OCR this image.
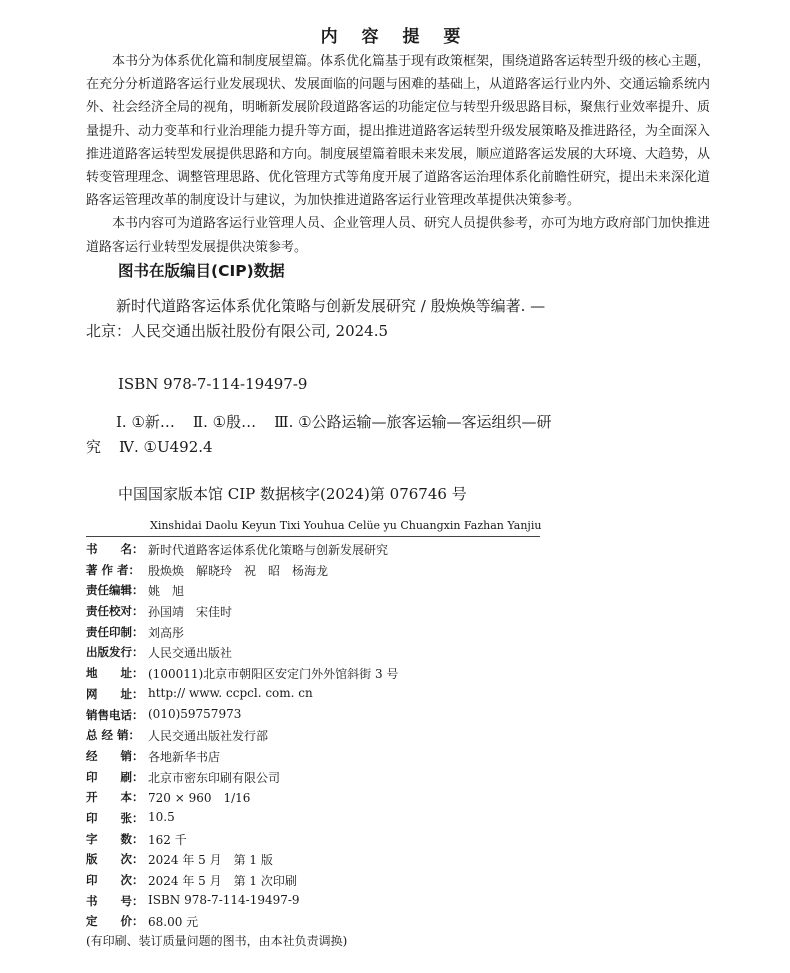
内 容 提 要

本书分为体系优化篇和制度展望篇。体系优化篇基于现有政策框架，围绕道路客运转型升级的核心主题，在充分分析道路客运行业发展现状、发展面临的问题与困难的基础上，从道路客运行业内外、交通运输系统内外、社会经济全局的视角，明晰新发展阶段道路客运的功能定位与转型升级思路目标，聚焦行业效率提升、质量提升、动力变革和行业治理能力提升等方面，提出推进道路客运转型升级发展策略及推进路径，为全面深入推进道路客运转型发展提供思路和方向。制度展望篇着眼未来发展，顺应道路客运发展的大环境、大趋势，从转变管理理念、调整管理思路、优化管理方式等角度开展了道路客运治理体系化前瞻性研究，提出未来深化道路客运管理改革的制度设计与建议，为加快推进道路客运行业管理改革提供决策参考。

本书内容可为道路客运行业管理人员、企业管理人员、研究人员提供参考，亦可为地方政府部门加快推进道路客运行业转型发展提供决策参考。

图书在版编目(CIP)数据
新时代道路客运体系优化策略与创新发展研究 / 殷焕焕等编著. — 北京：人民交通出版社股份有限公司, 2024.5
ISBN 978-7-114-19497-9
Ⅰ. ①新… Ⅱ. ①殷… Ⅲ. ①公路运输—旅客运输—客运组织—研究 Ⅳ. ①U492.4
中国国家版本馆 CIP 数据核字(2024)第 076746 号
Xinshidai Daolu Keyun Tixi Youhua Celüe yu Chuangxin Fazhan Yanjiu
书　　名： 新时代道路客运体系优化策略与创新发展研究
著 作 者： 殷焕焕　解晓玲　祝　昭　杨海龙
责任编辑： 姚　旭
责任校对： 孙国靖　宋佳时
责任印制： 刘高彤
出版发行： 人民交通出版社
地　　址： (100011)北京市朝阳区安定门外外馆斜街 3 号
网　　址： http:// www. ccpcl. com. cn
销售电话： (010)59757973
总 经 销： 人民交通出版社发行部
经　　销： 各地新华书店
印　　刷： 北京市密东印刷有限公司
开　　本： 720 × 960　1/16
印　　张： 10.5
字　　数： 162 千
版　　次： 2024 年 5 月　第 1 版
印　　次： 2024 年 5 月　第 1 次印刷
书　　号： ISBN 978-7-114-19497-9
定　　价： 68.00 元
(有印刷、装订质量问题的图书，由本社负责调换)
